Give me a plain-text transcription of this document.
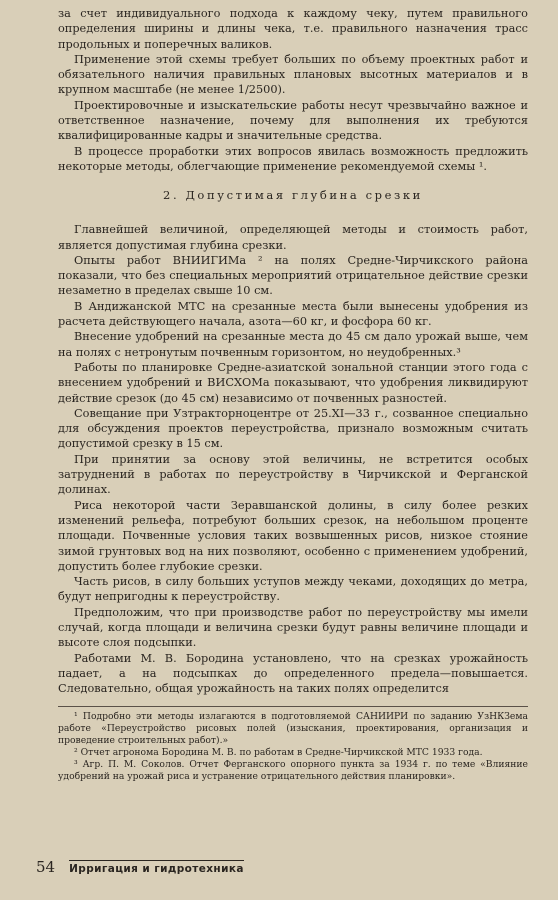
за счет индивидуального подхода к каждому чеку, путем правильного определения ширины и длины чека, т.е. правильного назначения трасс продольных и поперечных валиков.

Применение этой схемы требует больших по объему проектных работ и обязательного наличия правильных плановых высотных материалов и в крупном масштабе (не менее 1/2500).

Проектировочные и изыскательские работы несут чрезвычайно важное и ответственное назначение, почему для выполнения их требуются квалифицированные кадры и значительные средства.

В процессе проработки этих вопросов явилась возможность предложить некоторые методы, облегчающие применение рекомендуемой схемы ¹.

2. Допустимая глубина срезки

Главнейшей величиной, определяющей методы и стоимость работ, является допустимая глубина срезки.

Опыты работ ВНИИГИМа ² на полях Средне-Чирчикского района показали, что без специальных мероприятий отрицательное действие срезки незаметно в пределах свыше 10 см.

В Андижанской МТС на срезанные места были вынесены удобрения из расчета действующего начала, азота—60 кг, и фосфора 60 кг.

Внесение удобрений на срезанные места до 45 см дало урожай выше, чем на полях с нетронутым почвенным горизонтом, но неудобренных.³

Работы по планировке Средне-азиатской зональной станции этого года с внесением удобрений и ВИСХОМа показывают, что удобрения ликвидируют действие срезок (до 45 см) независимо от почвенных разностей.

Совещание при Узтракторноцентре от 25.XI—33 г., созванное специально для обсуждения проектов переустройства, признало возможным считать допустимой срезку в 15 см.

При принятии за основу этой величины, не встретится особых затруднений в работах по переустройству в Чирчикской и Ферганской долинах.

Риса некоторой части Зеравшанской долины, в силу более резких изменений рельефа, потребуют больших срезок, на небольшом проценте площади. Почвенные условия таких возвышенных рисов, низкое стояние зимой грунтовых вод на них позволяют, особенно с применением удобрений, допустить более глубокие срезки.

Часть рисов, в силу больших уступов между чеками, доходящих до метра, будут непригодны к переустройству.

Предположим, что при производстве работ по переустройству мы имели случай, когда площади и величина срезки будут равны величине площади и высоте слоя подсыпки.

Работами М. В. Бородина установлено, что на срезках урожайность падает, а на подсыпках до определенного предела—повышается. Следовательно, общая урожайность на таких полях определится

¹ Подробно эти методы излагаются в подготовляемой САНИИРИ по заданию УзНКЗема работе «Переустройство рисовых полей (изыскания, проектирования, организация и проведение строительных работ).»

² Отчет агронома Бородина М. В. по работам в Средне-Чирчикской МТС 1933 года.

³ Агр. П. М. Соколов. Отчет Ферганского опорного пункта за 1934 г. по теме «Влияние удобрений на урожай риса и устранение отрицательного действия планировки».

54 Ирригация и гидротехника
